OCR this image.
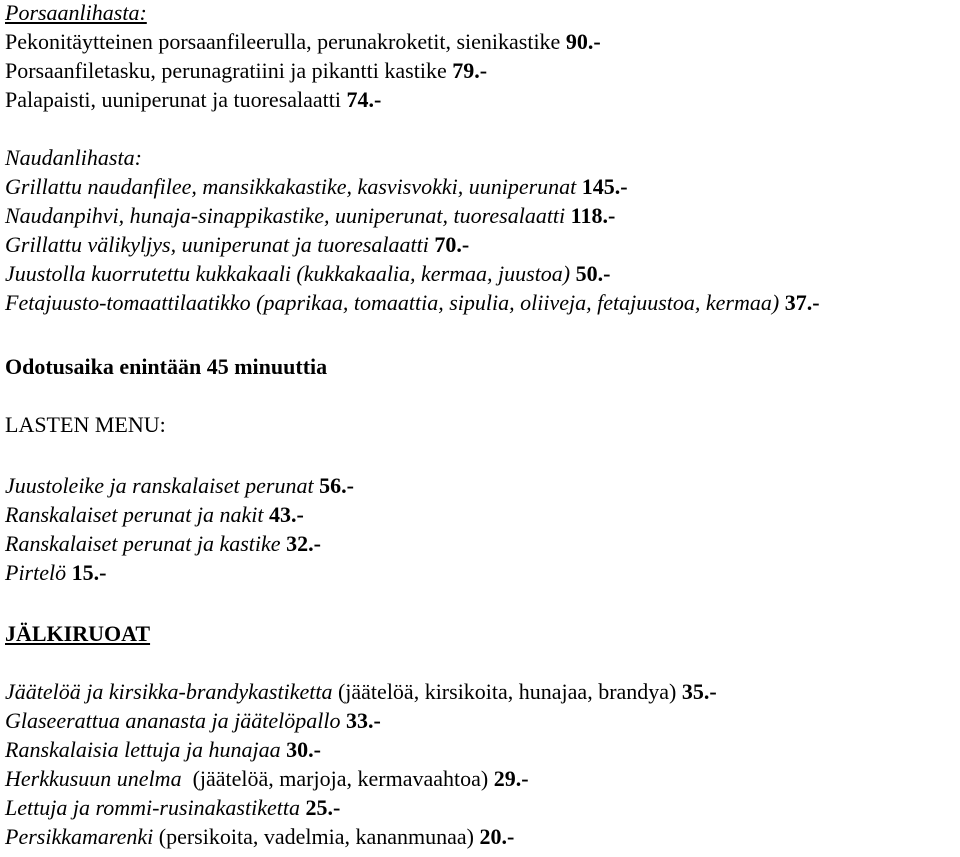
Porsaanlihasta:
Pekonitäytteinen porsaanfileerulla, perunakroketit, sienikastike 90.-
Porsaanfiletasku, perunagratiini ja pikantti kastike 79.-
Palapaisti, uuniperunat ja tuoresalaatti 74.-
Naudanlihasta:
Grillattu naudanfilee, mansikkakastike, kasvisvokki, uuniperunat 145.-
Naudanpihvi, hunaja-sinappikastike, uuniperunat, tuoresalaatti 118.-
Grillattu välikyljys, uuniperunat ja tuoresalaatti 70.-
Juustolla kuorrutettu kukkakaali (kukkakaalia, kermaa, juustoa) 50.-
Fetajuusto-tomaattilaatikko (paprikaa, tomaattia, sipulia, oliiveja, fetajuustoa, kermaa) 37.-
Odotusaika enintään 45 minuuttia
LASTEN MENU:
Juustoleike ja ranskalaiset perunat 56.-
Ranskalaiset perunat ja nakit 43.-
Ranskalaiset perunat ja kastike 32.-
Pirtelö 15.-
JÄLKIRUOAT
Jäätelöä ja kirsikka-brandykastiketta (jäätelöä, kirsikoita, hunajaa, brandya) 35.-
Glaseerattua ananasta ja jäätelöpallo 33.-
Ranskalaisia lettuja ja hunajaa 30.-
Herkkusuun unelma  (jäätelöä, marjoja, kermavaahtoa) 29.-
Lettuja ja rommi-rusinakastiketta 25.-
Persikkamarenki (persikoita, vadelmia, kananmunaa) 20.-
